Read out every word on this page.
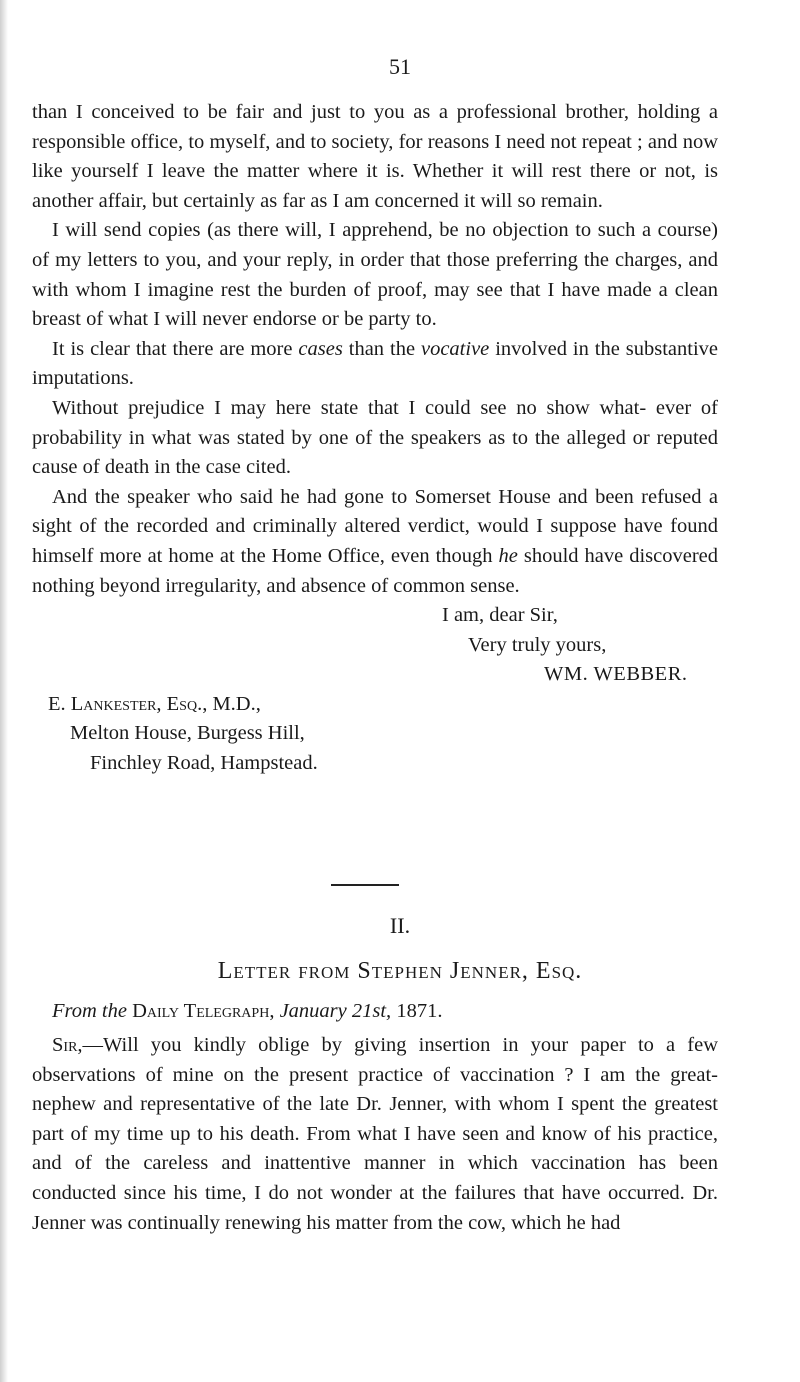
51

than I conceived to be fair and just to you as a professional brother, holding a responsible office, to myself, and to society, for reasons I need not repeat ; and now like yourself I leave the matter where it is. Whether it will rest there or not, is another affair, but certainly as far as I am concerned it will so remain.

I will send copies (as there will, I apprehend, be no objection to such a course) of my letters to you, and your reply, in order that those preferring the charges, and with whom I imagine rest the burden of proof, may see that I have made a clean breast of what I will never endorse or be party to.

It is clear that there are more cases than the vocative involved in the substantive imputations.

Without prejudice I may here state that I could see no show what- ever of probability in what was stated by one of the speakers as to the alleged or reputed cause of death in the case cited.

And the speaker who said he had gone to Somerset House and been refused a sight of the recorded and criminally altered verdict, would I suppose have found himself more at home at the Home Office, even though he should have discovered nothing beyond irregularity, and absence of common sense.

I am, dear Sir,
Very truly yours,
WM. WEBBER.
E. Lankester, Esq., M.D.,
Melton House, Burgess Hill,
Finchley Road, Hampstead.
II.
Letter from Stephen Jenner, Esq.
From the Daily Telegraph, January 21st, 1871.

Sir,—Will you kindly oblige by giving insertion in your paper to a few observations of mine on the present practice of vaccination ? I am the great-nephew and representative of the late Dr. Jenner, with whom I spent the greatest part of my time up to his death. From what I have seen and know of his practice, and of the careless and inattentive manner in which vaccination has been conducted since his time, I do not wonder at the failures that have occurred. Dr. Jenner was continually renewing his matter from the cow, which he had
